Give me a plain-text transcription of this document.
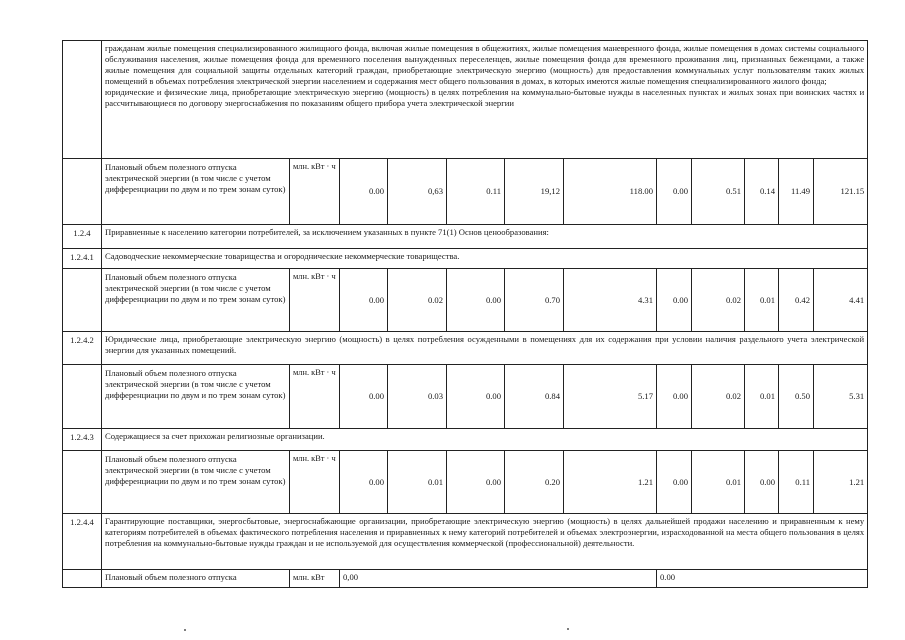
	гражданам жилые помещения специализированного жилищного фонда, включая жилые помещения в общежитиях, жилые помещения маневренного фонда, жилые помещения в домах системы социального обслуживания населения, жилые помещения фонда для временного поселения вынужденных переселенцев, жилые помещения фонда для временного проживания лиц, признанных беженцами, а также жилые помещения для социальной защиты отдельных категорий граждан, приобретающие электрическую энергию (мощность) для предоставления коммунальных услуг пользователям таких жилых помещений в объемах потребления электрической энергии населением и содержания мест общего пользования в домах, в которых имеются жилые помещения специализированного жилого фонда;
юридические и физические лица, приобретающие электрическую энергию (мощность) в целях потребления на коммунально-бытовые нужды в населенных пунктах и жилых зонах при воинских частях и рассчитывающиеся по договору энергоснабжения по показаниям общего прибора учета электрической энергии											

	Плановый объем полезного отпуска электрической энергии (в том числе с учетом дифференциации по двум и по трем зонам суток)	млн. кВт · ч	0.00	0,63	0.11	19,12	118.00	0.00	0.51	0.14	11.49	121.15
1.2.4	Приравненные к населению категории потребителей, за исключением указанных в пункте 71(1) Основ ценообразования:											
1.2.4.1	Садоводческие некоммерческие товарищества и огороднические некоммерческие товарищества.											
	Плановый объем полезного отпуска электрической энергии (в том числе с учетом дифференциации по двум и по трем зонам суток)	млн. кВт · ч	0.00	0.02	0.00	0.70	4.31	0.00	0.02	0.01	0.42	4.41
1.2.4.2	Юридические лица, приобретающие электрическую энергию (мощность) в целях потребления осужденными в помещениях для их содержания при условии наличия раздельного учета электрической энергии для указанных помещений.											
	Плановый объем полезного отпуска электрической энергии (в том числе с учетом дифференциации по двум и по трем зонам суток)	млн. кВт · ч	0.00	0.03	0.00	0.84	5.17	0.00	0.02	0.01	0.50	5.31
1.2.4.3	Содержащиеся за счет прихожан религиозные организации.											
	Плановый объем полезного отпуска электрической энергии (в том числе с учетом дифференциации по двум и по трем зонам суток)	млн. кВт · ч	0.00	0.01	0.00	0.20	1.21	0.00	0.01	0.00	0.11	1.21
1.2.4.4	Гарантирующие поставщики, энергосбытовые, энергоснабжающие организации, приобретающие электрическую энергию (мощность) в целях дальнейшей продажи населению и приравненным к нему категориям потребителей в объемах фактического потребления населения и приравненных к нему категорий потребителей и объемах электроэнергии, израсходованной на места общего пользования в целях потребления на коммунально-бытовые нужды граждан и не используемой для осуществления коммерческой (профессиональной) деятельности.											
	Плановый объем полезного отпуска	млн. кВт	0,00					0.00				
